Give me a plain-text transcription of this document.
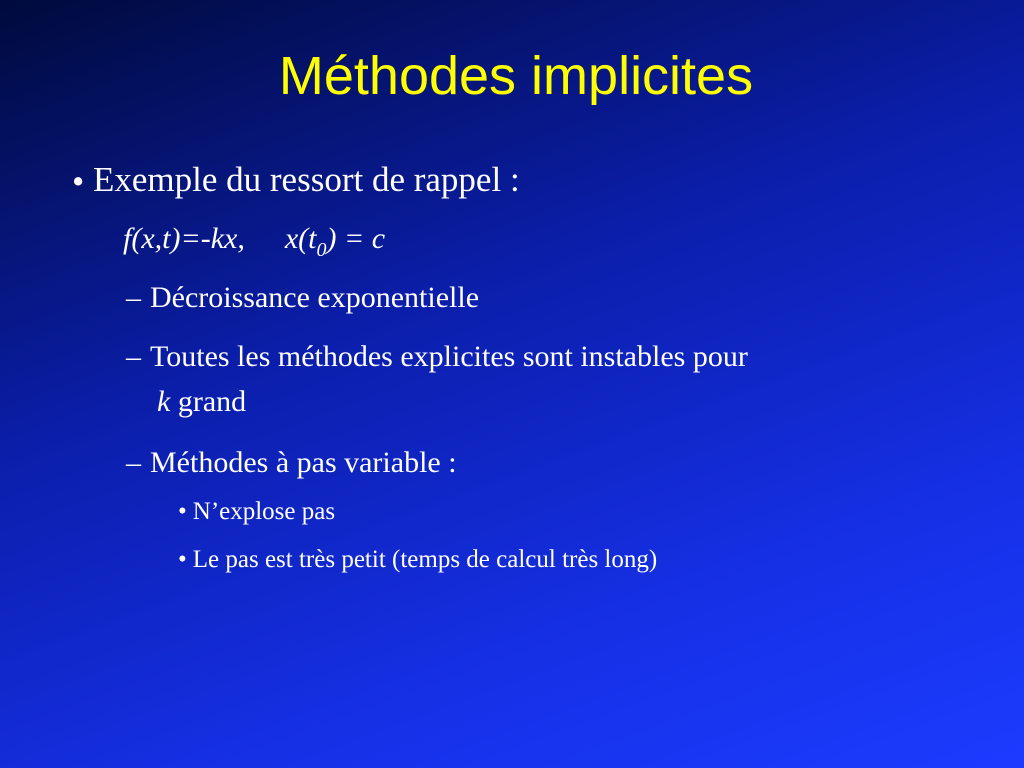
Méthodes implicites
• Exemple du ressort de rappel :

f(x,t)=-kx, $x(t_0) = c$

– Décroissance exponentielle

– Toutes les méthodes explicites sont instables pour

k grand

– Méthodes à pas variable :

• N’explose pas

• Le pas est très petit (temps de calcul très long)
